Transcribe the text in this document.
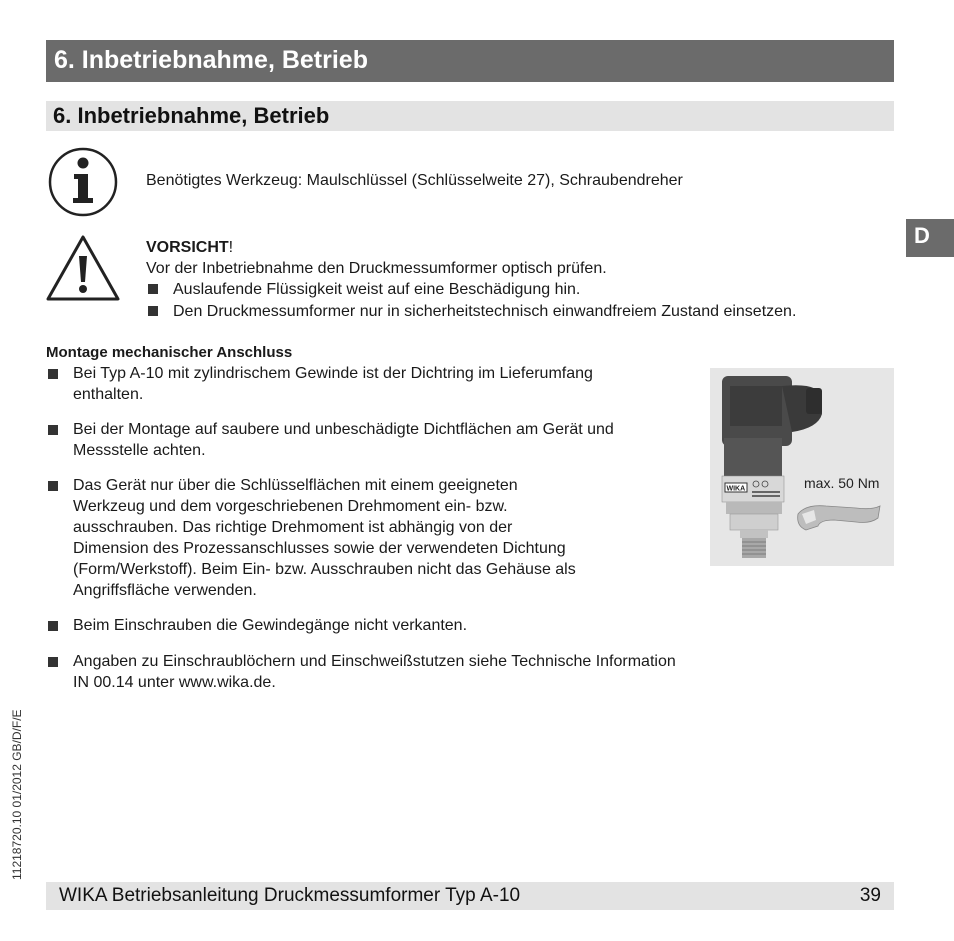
6. Inbetriebnahme, Betrieb
6. Inbetriebnahme, Betrieb
D
Benötigtes Werkzeug: Maulschlüssel (Schlüsselweite 27), Schraubendreher
VORSICHT!
Vor der Inbetriebnahme den Druckmessumformer optisch prüfen.
Auslaufende Flüssigkeit weist auf eine Beschädigung hin.
Den Druckmessumformer nur in sicherheitstechnisch einwandfreiem Zustand einsetzen.
Montage mechanischer Anschluss
Bei Typ A-10 mit zylindrischem Gewinde ist der Dichtring im Lieferumfang
enthalten.
Bei der Montage auf saubere und unbeschädigte Dichtflächen am Gerät und
Messstelle achten.
Das Gerät nur über die Schlüsselflächen mit einem geeigneten
Werkzeug und dem vorgeschriebenen Drehmoment ein- bzw.
ausschrauben. Das richtige Drehmoment ist abhängig von der
Dimension des Prozessanschlusses sowie der verwendeten Dichtung
(Form/Werkstoff). Beim Ein- bzw. Ausschrauben nicht das Gehäuse als
Angriffsfläche verwenden.
Beim Einschrauben die Gewindegänge nicht verkanten.
Angaben zu Einschraublöchern und Einschweißstutzen siehe Technische Information
IN 00.14 unter www.wika.de.
WIKA	max. 50 Nm
11218720.10 01/2012 GB/D/F/E
WIKA Betriebsanleitung Druckmessumformer Typ A-10	39
